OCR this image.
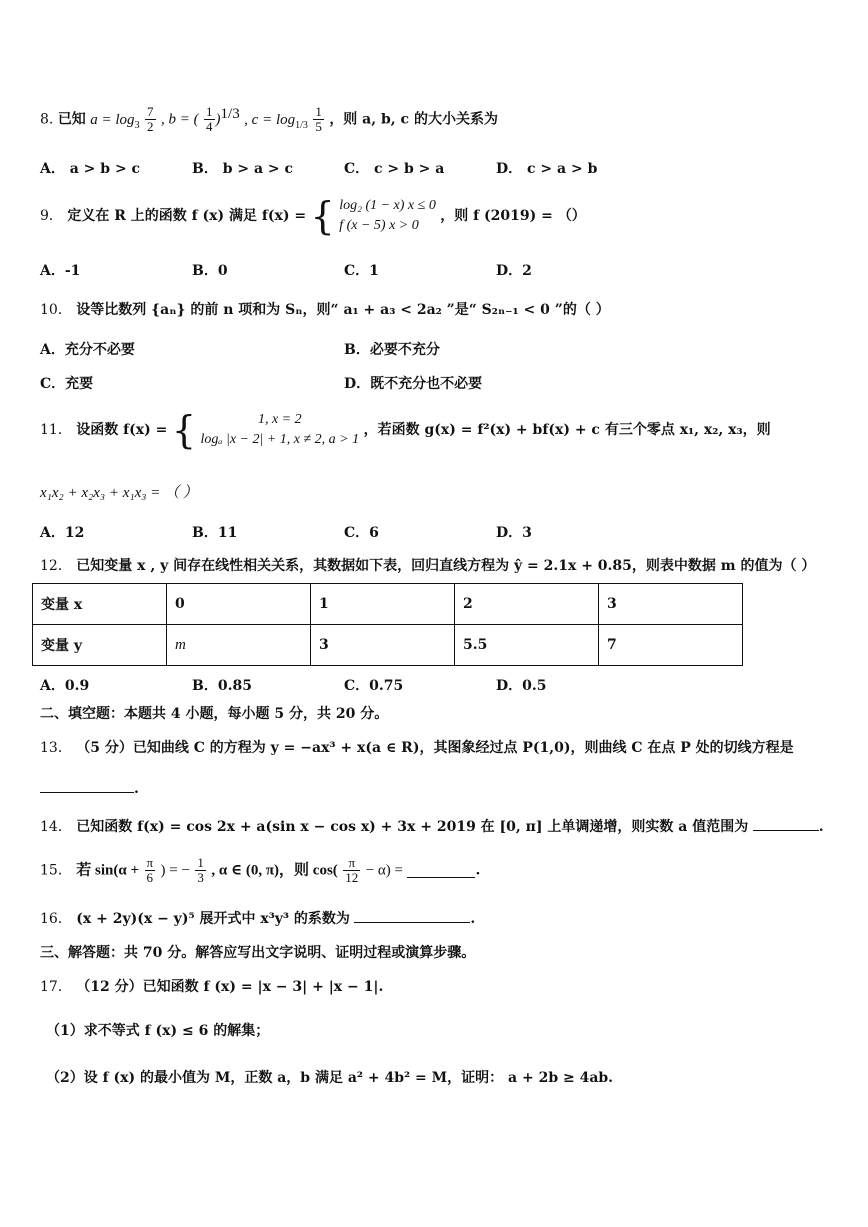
8. 已知 $a = \log_3 \frac{7}{2}$ , b = ( $\frac{1}{4} )^{1/3}$ , $c = \log_{1/3} \frac{1}{5}$ ，则 a, b, c 的大小关系为
A． a > b > c	B． b > a > c	C． c > b > a	D． c > a > b
9． 定义在 R 上的函数 f (x) 满足 f(x) = { log₂ (1 − x) x ≤ 0
f (x − 5) x > 0
，则 f (2019) = （）
A．-1	B．0	C．1	D．2
10． 设等比数列 {aₙ} 的前 n 项和为 Sₙ，则“ a₁ + a₃ < 2a₂ ”是“ S₂ₙ₋₁ < 0 ”的（ ）
A．充分不必要	B．必要不充分
C．充要	D．既不充分也不必要
11． 设函数 f(x) = {	1, x = 2
logₐ |x − 2| + 1, x ≠ 2, a > 1
，若函数 g(x) = f²(x) + bf(x) + c 有三个零点 x₁, x₂, x₃，则
x₁x₂ + x₂x₃ + x₁x₃ = （ ）
A．12	B．11	C．6	D．3
12． 已知变量 x , y 间存在线性相关关系，其数据如下表，回归直线方程为 ŷ = 2.1x + 0.85，则表中数据 m 的值为（ ）
变量 x	0	1	2	3
变量 y	m	3	5.5	7
A．0.9	B．0.85	C．0.75	D．0.5
二、填空题：本题共 4 小题，每小题 5 分，共 20 分。
13． （5 分）已知曲线 C 的方程为 y = −ax³ + x(a ∈ R)，其图象经过点 P(1,0)，则曲线 C 在点 P 处的切线方程是
.
14． 已知函数 f(x) = cos 2x + a(sin x − cos x) + 3x + 2019 在 [0, π] 上单调递增，则实数 a 值范围为	.
15． 若 $\sin(\alpha + \frac{\pi}{6}$ ) = − $\frac{1}{3}$ , α ∈ (0, π)，则 $\cos( \frac{\pi}{12} - \alpha)$ =	.
16． (x + 2y)(x − y)⁵ 展开式中 x³y³ 的系数为	.
三、解答题：共 70 分。解答应写出文字说明、证明过程或演算步骤。
17． （12 分）已知函数 f (x) = |x − 3| + |x − 1|.
（1）求不等式 f (x) ≤ 6 的解集；
（2）设 f (x) 的最小值为 M，正数 a，b 满足 a² + 4b² = M，证明： a + 2b ≥ 4ab.
